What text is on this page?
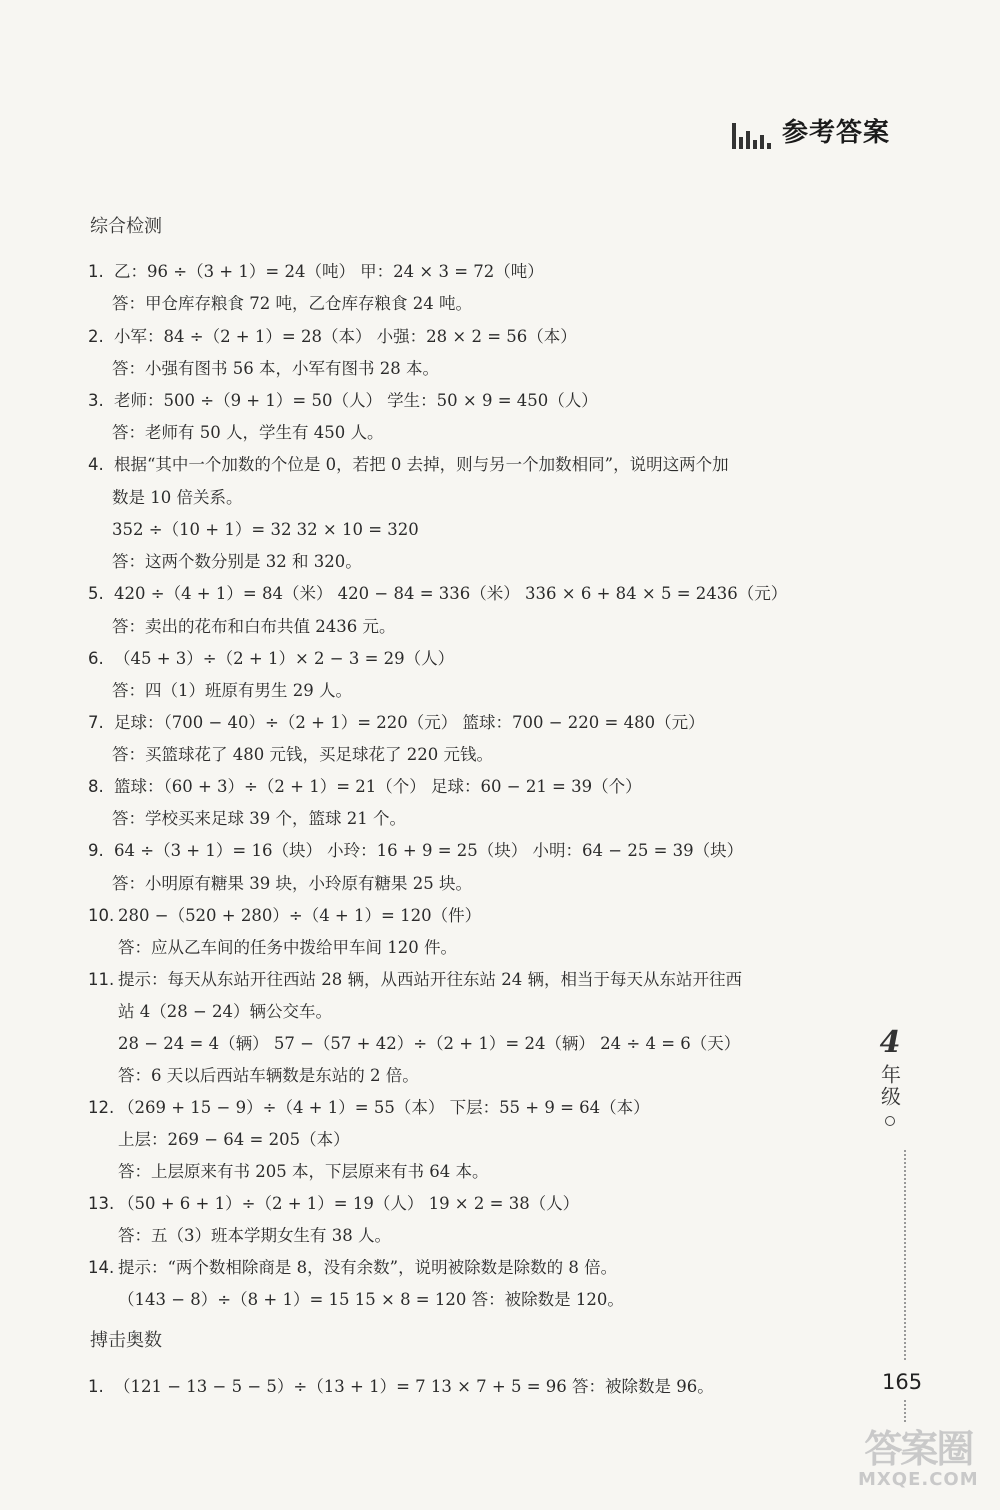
参考答案
综合检测
1. 乙：96 ÷（3 + 1）= 24（吨） 甲：24 × 3 = 72（吨）
答：甲仓库存粮食 72 吨，乙仓库存粮食 24 吨。
2. 小军：84 ÷（2 + 1）= 28（本） 小强：28 × 2 = 56（本）
答：小强有图书 56 本，小军有图书 28 本。
3. 老师：500 ÷（9 + 1）= 50（人） 学生：50 × 9 = 450（人）
答：老师有 50 人，学生有 450 人。
4. 根据“其中一个加数的个位是 0，若把 0 去掉，则与另一个加数相同”，说明这两个加
数是 10 倍关系。
352 ÷（10 + 1）= 32 32 × 10 = 320
答：这两个数分别是 32 和 320。
5. 420 ÷（4 + 1）= 84（米） 420 − 84 = 336（米） 336 × 6 + 84 × 5 = 2436（元）
答：卖出的花布和白布共值 2436 元。
6. （45 + 3）÷（2 + 1）× 2 − 3 = 29（人）
答：四（1）班原有男生 29 人。
7. 足球：（700 − 40）÷（2 + 1）= 220（元） 篮球：700 − 220 = 480（元）
答：买篮球花了 480 元钱，买足球花了 220 元钱。
8. 篮球：（60 + 3）÷（2 + 1）= 21（个） 足球：60 − 21 = 39（个）
答：学校买来足球 39 个，篮球 21 个。
9. 64 ÷（3 + 1）= 16（块） 小玲：16 + 9 = 25（块） 小明：64 − 25 = 39（块）
答：小明原有糖果 39 块，小玲原有糖果 25 块。
10. 280 −（520 + 280）÷（4 + 1）= 120（件）
答：应从乙车间的任务中拨给甲车间 120 件。
11. 提示：每天从东站开往西站 28 辆，从西站开往东站 24 辆，相当于每天从东站开往西
站 4（28 − 24）辆公交车。
28 − 24 = 4（辆） 57 −（57 + 42）÷（2 + 1）= 24（辆） 24 ÷ 4 = 6（天）
答：6 天以后西站车辆数是东站的 2 倍。
12. （269 + 15 − 9）÷（4 + 1）= 55（本） 下层：55 + 9 = 64（本）
上层：269 − 64 = 205（本）
答：上层原来有书 205 本，下层原来有书 64 本。
13. （50 + 6 + 1）÷（2 + 1）= 19（人） 19 × 2 = 38（人）
答：五（3）班本学期女生有 38 人。
14. 提示：“两个数相除商是 8，没有余数”，说明被除数是除数的 8 倍。
（143 − 8）÷（8 + 1）= 15 15 × 8 = 120 答：被除数是 120。
1. （121 − 13 − 5 − 5）÷（13 + 1）= 7 13 × 7 + 5 = 96 答：被除数是 96。
搏击奥数
4
年级
165
答案圈
MXQE.COM
